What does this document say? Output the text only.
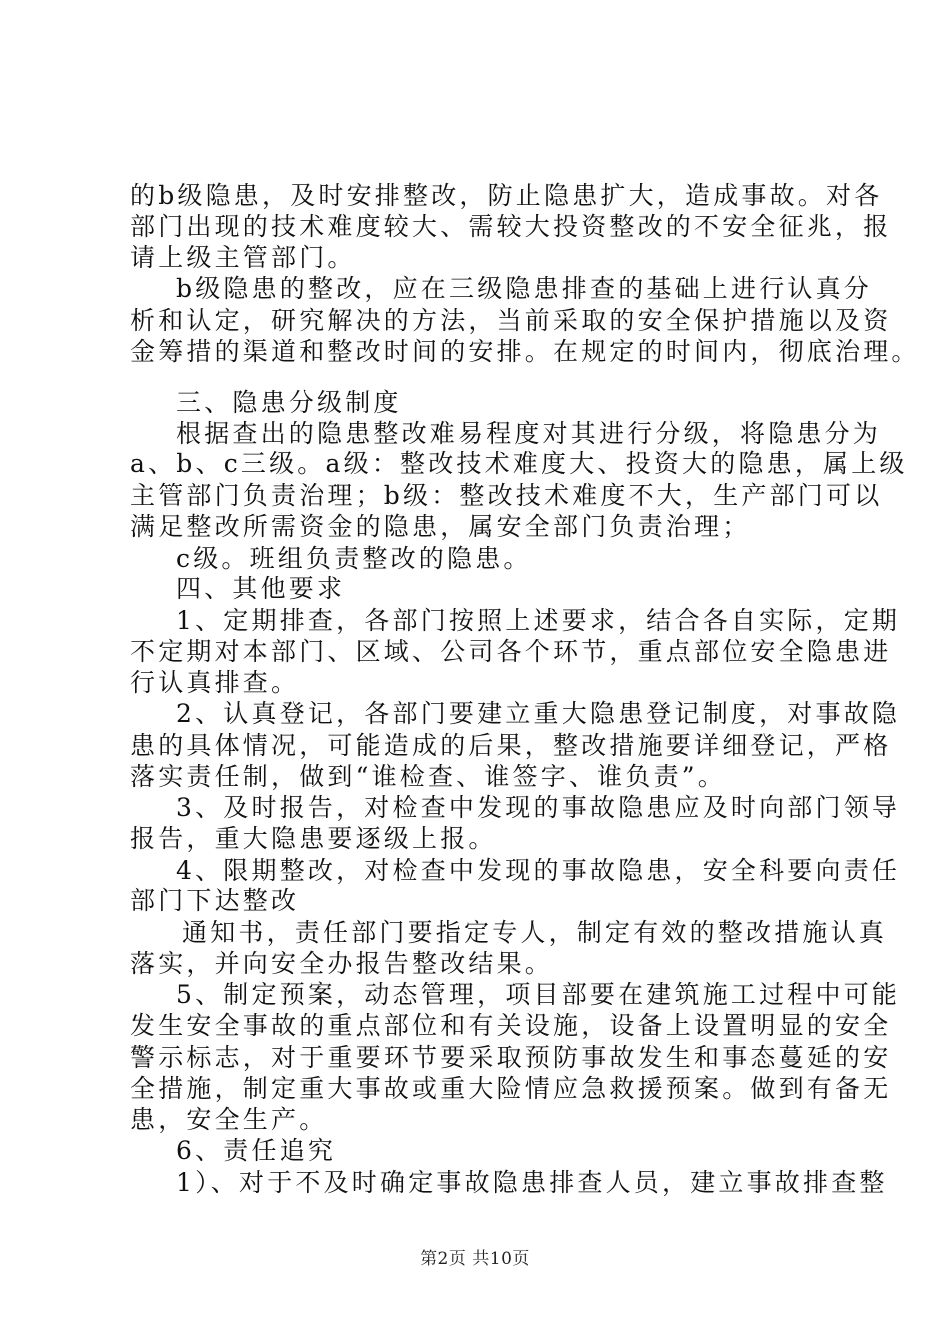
的b级隐患，及时安排整改，防止隐患扩大，造成事故。对各
部门出现的技术难度较大、需较大投资整改的不安全征兆，报
请上级主管部门。
b级隐患的整改，应在三级隐患排查的基础上进行认真分
析和认定，研究解决的方法，当前采取的安全保护措施以及资
金筹措的渠道和整改时间的安排。在规定的时间内，彻底治理。
三、隐患分级制度
根据查出的隐患整改难易程度对其进行分级，将隐患分为
a、b、c三级。a级：整改技术难度大、投资大的隐患，属上级
主管部门负责治理；b级：整改技术难度不大，生产部门可以
满足整改所需资金的隐患，属安全部门负责治理；
c级。班组负责整改的隐患。
四、其他要求
1、定期排查，各部门按照上述要求，结合各自实际，定期
不定期对本部门、区域、公司各个环节，重点部位安全隐患进
行认真排查。
2、认真登记，各部门要建立重大隐患登记制度，对事故隐
患的具体情况，可能造成的后果，整改措施要详细登记，严格
落实责任制，做到“谁检查、谁签字、谁负责”。
3、及时报告，对检查中发现的事故隐患应及时向部门领导
报告，重大隐患要逐级上报。
4、限期整改，对检查中发现的事故隐患，安全科要向责任
部门下达整改
通知书，责任部门要指定专人，制定有效的整改措施认真
落实，并向安全办报告整改结果。
5、制定预案，动态管理，项目部要在建筑施工过程中可能
发生安全事故的重点部位和有关设施，设备上设置明显的安全
警示标志，对于重要环节要采取预防事故发生和事态蔓延的安
全措施，制定重大事故或重大险情应急救援预案。做到有备无
患，安全生产。
6、责任追究
1）、对于不及时确定事故隐患排查人员，建立事故排查整
第2页 共10页
